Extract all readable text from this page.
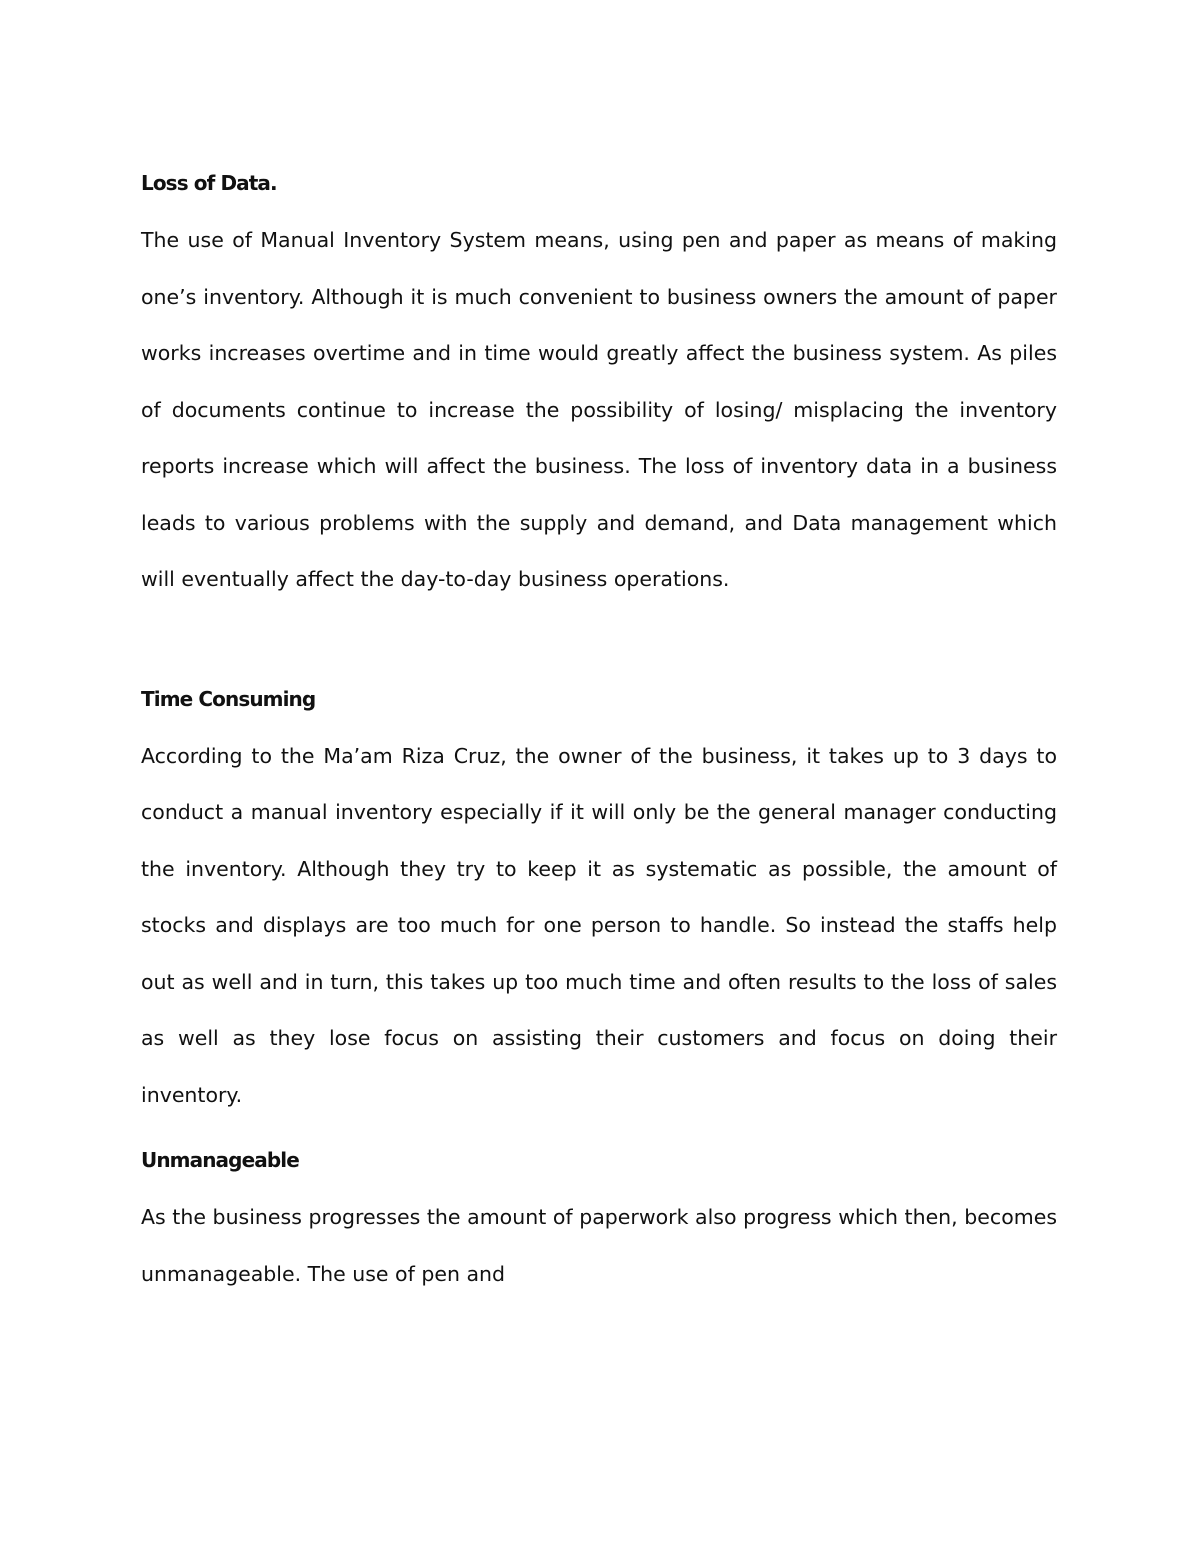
Loss of Data.

The use of Manual Inventory System means, using pen and paper as means of making one’s inventory. Although it is much convenient to business owners the amount of paper works increases overtime and in time would greatly affect the business system. As piles of documents continue to increase the possibility of losing/ misplacing the inventory reports increase which will affect the business. The loss of inventory data in a business leads to various problems with the supply and demand, and Data management which will eventually affect the day-to-day business operations.

Time Consuming

According to the Ma’am Riza Cruz, the owner of the business, it takes up to 3 days to conduct a manual inventory especially if it will only be the general manager conducting the inventory. Although they try to keep it as systematic as possible, the amount of stocks and displays are too much for one person to handle. So instead the staffs help out as well and in turn, this takes up too much time and often results to the loss of sales as well as they lose focus on assisting their customers and focus on doing their inventory.

Unmanageable

As the business progresses the amount of paperwork also progress which then, becomes unmanageable. The use of pen and
